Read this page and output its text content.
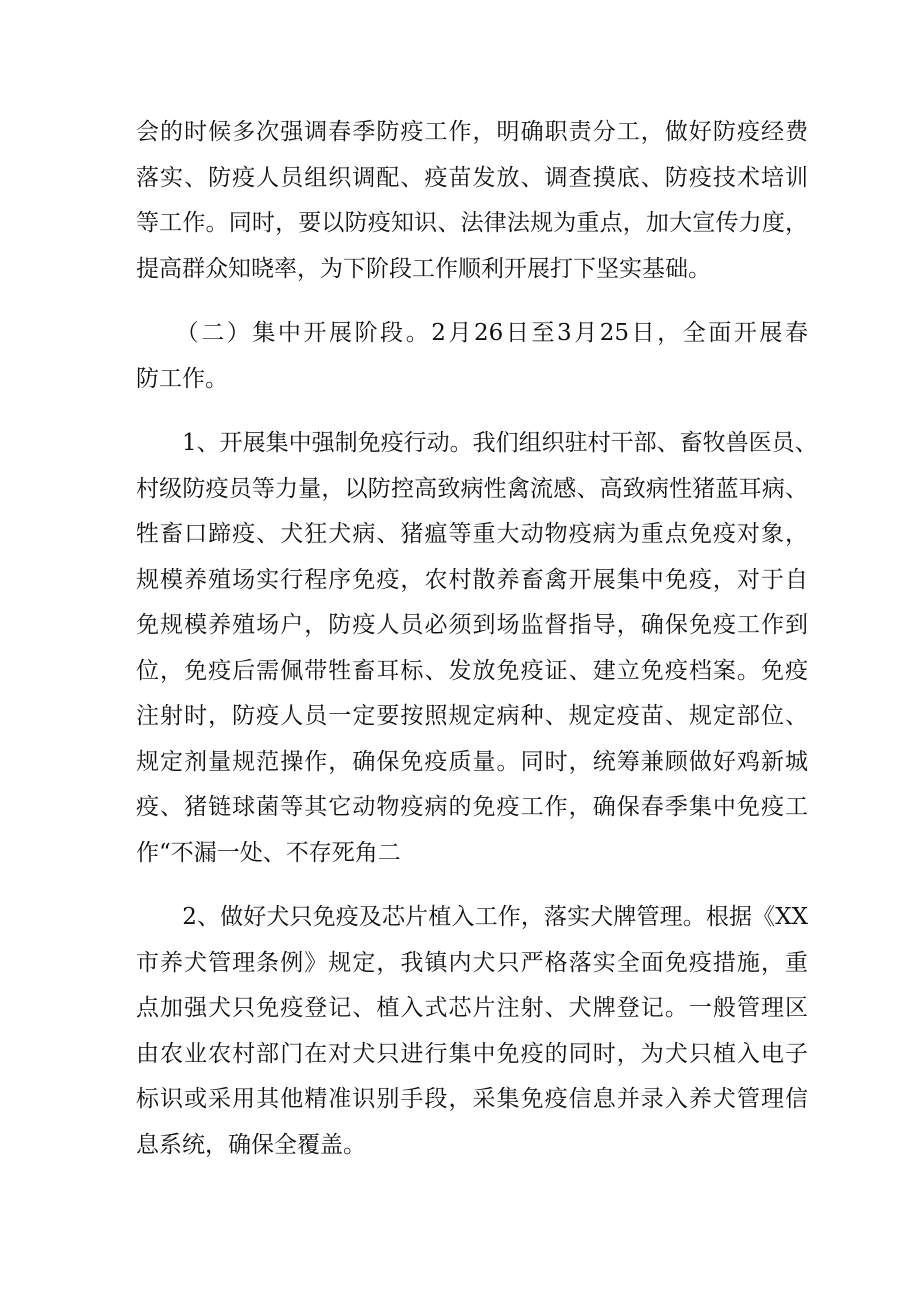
会的时候多次强调春季防疫工作，明确职责分工，做好防疫经费
落实、防疫人员组织调配、疫苗发放、调查摸底、防疫技术培训
等工作。同时，要以防疫知识、法律法规为重点，加大宣传力度，
提高群众知晓率，为下阶段工作顺利开展打下坚实基础。

　　（二）集中开展阶段。2月26日至3月25日，全面开展春
防工作。

　　1、开展集中强制免疫行动。我们组织驻村干部、畜牧兽医员、
村级防疫员等力量，以防控高致病性禽流感、高致病性猪蓝耳病、
牲畜口蹄疫、犬狂犬病、猪瘟等重大动物疫病为重点免疫对象，
规模养殖场实行程序免疫，农村散养畜禽开展集中免疫，对于自
免规模养殖场户，防疫人员必须到场监督指导，确保免疫工作到
位，免疫后需佩带牲畜耳标、发放免疫证、建立免疫档案。免疫
注射时，防疫人员一定要按照规定病种、规定疫苗、规定部位、
规定剂量规范操作，确保免疫质量。同时，统筹兼顾做好鸡新城
疫、猪链球菌等其它动物疫病的免疫工作，确保春季集中免疫工
作“不漏一处、不存死角二

　　2、做好犬只免疫及芯片植入工作，落实犬牌管理。根据《XX
市养犬管理条例》规定，我镇内犬只严格落实全面免疫措施，重
点加强犬只免疫登记、植入式芯片注射、犬牌登记。一般管理区
由农业农村部门在对犬只进行集中免疫的同时，为犬只植入电子
标识或采用其他精准识别手段，采集免疫信息并录入养犬管理信
息系统，确保全覆盖。
